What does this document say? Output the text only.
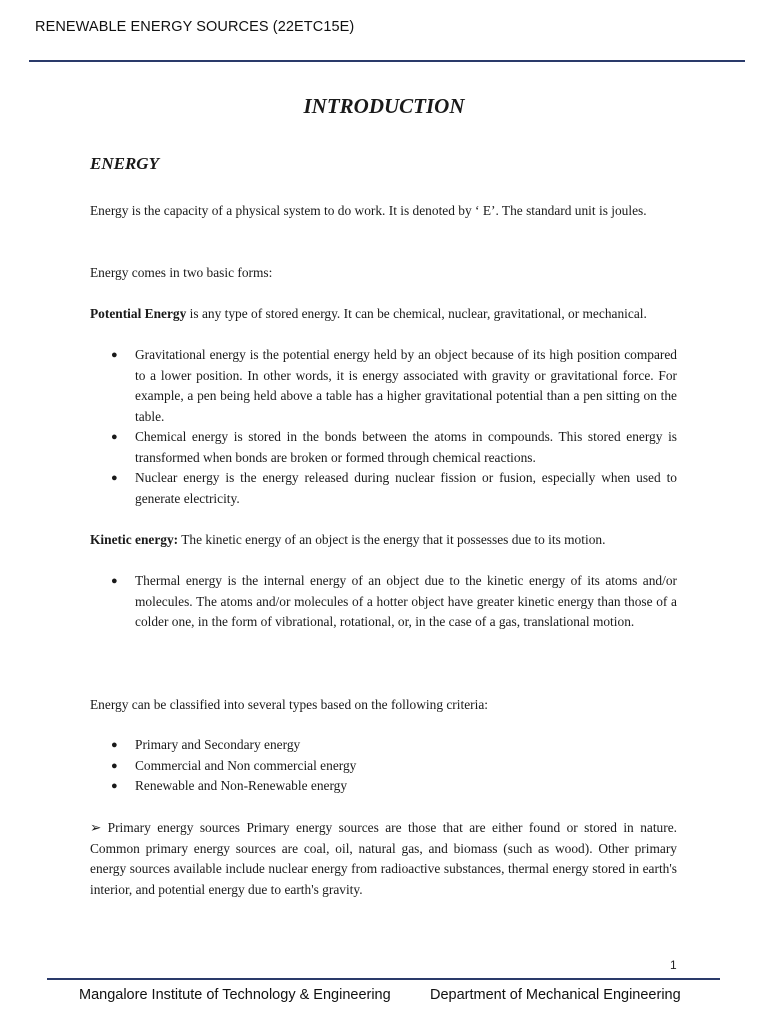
RENEWABLE ENERGY SOURCES (22ETC15E)
INTRODUCTION
ENERGY

Energy is the capacity of a physical system to do work. It is denoted by ‘ E’. The standard unit is joules.

Energy comes in two basic forms:

Potential Energy is any type of stored energy. It can be chemical, nuclear, gravitational, or mechanical.

● Gravitational energy is the potential energy held by an object because of its high position compared to a lower position. In other words, it is energy associated with gravity or gravitational force. For example, a pen being held above a table has a higher gravitational potential than a pen sitting on the table.
● Chemical energy is stored in the bonds between the atoms in compounds. This stored energy is transformed when bonds are broken or formed through chemical reactions.
● Nuclear energy is the energy released during nuclear fission or fusion, especially when used to generate electricity.

Kinetic energy: The kinetic energy of an object is the energy that it possesses due to its motion.

● Thermal energy is the internal energy of an object due to the kinetic energy of its atoms and/or molecules. The atoms and/or molecules of a hotter object have greater kinetic energy than those of a colder one, in the form of vibrational, rotational, or, in the case of a gas, translational motion.

Energy can be classified into several types based on the following criteria:

● Primary and Secondary energy
● Commercial and Non commercial energy
● Renewable and Non-Renewable energy

➢ Primary energy sources Primary energy sources are those that are either found or stored in nature. Common primary energy sources are coal, oil, natural gas, and biomass (such as wood). Other primary energy sources available include nuclear energy from radioactive substances, thermal energy stored in earth's interior, and potential energy due to earth's gravity.

1
Mangalore Institute of Technology & Engineering	Department of Mechanical Engineering
